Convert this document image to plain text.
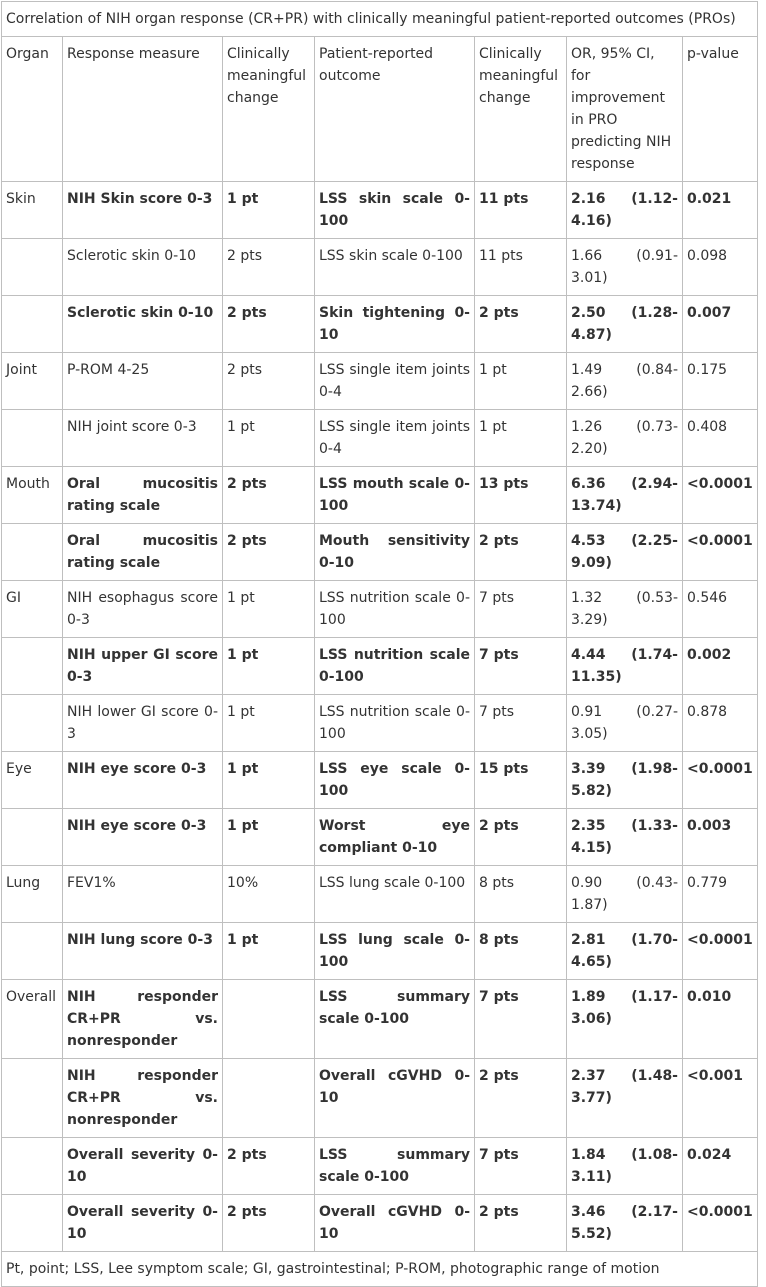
Correlation of NIH organ response (CR+PR) with clinically meaningful patient-reported outcomes (PROs)						
Organ	Response measure	Clinically meaningful change	Patient-reported outcome	Clinically meaningful change	OR, 95% CI, for improvement in PRO predicting NIH response	p-value
Skin	NIH Skin score 0-3	1 pt	LSS skin scale 0-100	11 pts	2.16 (1.12-4.16)	0.021
	Sclerotic skin 0-10	2 pts	LSS skin scale 0-100	11 pts	1.66 (0.91-3.01)	0.098
	Sclerotic skin 0-10	2 pts	Skin tightening 0-10	2 pts	2.50 (1.28-4.87)	0.007
Joint	P-ROM 4-25	2 pts	LSS single item joints 0-4	1 pt	1.49 (0.84-2.66)	0.175
	NIH joint score 0-3	1 pt	LSS single item joints 0-4	1 pt	1.26 (0.73-2.20)	0.408
Mouth	Oral mucositis rating scale	2 pts	LSS mouth scale 0-100	13 pts	6.36 (2.94-13.74)	<0.0001
	Oral mucositis rating scale	2 pts	Mouth sensitivity 0-10	2 pts	4.53 (2.25-9.09)	<0.0001
GI	NIH esophagus score 0-3	1 pt	LSS nutrition scale 0-100	7 pts	1.32 (0.53-3.29)	0.546
	NIH upper GI score 0-3	1 pt	LSS nutrition scale 0-100	7 pts	4.44 (1.74-11.35)	0.002
	NIH lower GI score 0-3	1 pt	LSS nutrition scale 0-100	7 pts	0.91 (0.27-3.05)	0.878
Eye	NIH eye score 0-3	1 pt	LSS eye scale 0-100	15 pts	3.39 (1.98-5.82)	<0.0001
	NIH eye score 0-3	1 pt	Worst eye compliant 0-10	2 pts	2.35 (1.33-4.15)	0.003
Lung	FEV1%	10%	LSS lung scale 0-100	8 pts	0.90 (0.43-1.87)	0.779
	NIH lung score 0-3	1 pt	LSS lung scale 0-100	8 pts	2.81 (1.70-4.65)	<0.0001
Overall	NIH responder CR+PR vs. nonresponder		LSS summary scale 0-100	7 pts	1.89 (1.17-3.06)	0.010
	NIH responder CR+PR vs. nonresponder		Overall cGVHD 0-10	2 pts	2.37 (1.48-3.77)	<0.001
	Overall severity 0-10	2 pts	LSS summary scale 0-100	7 pts	1.84 (1.08-3.11)	0.024
	Overall severity 0-10	2 pts	Overall cGVHD 0-10	2 pts	3.46 (2.17-5.52)	<0.0001
Pt, point; LSS, Lee symptom scale; GI, gastrointestinal; P-ROM, photographic range of motion						
